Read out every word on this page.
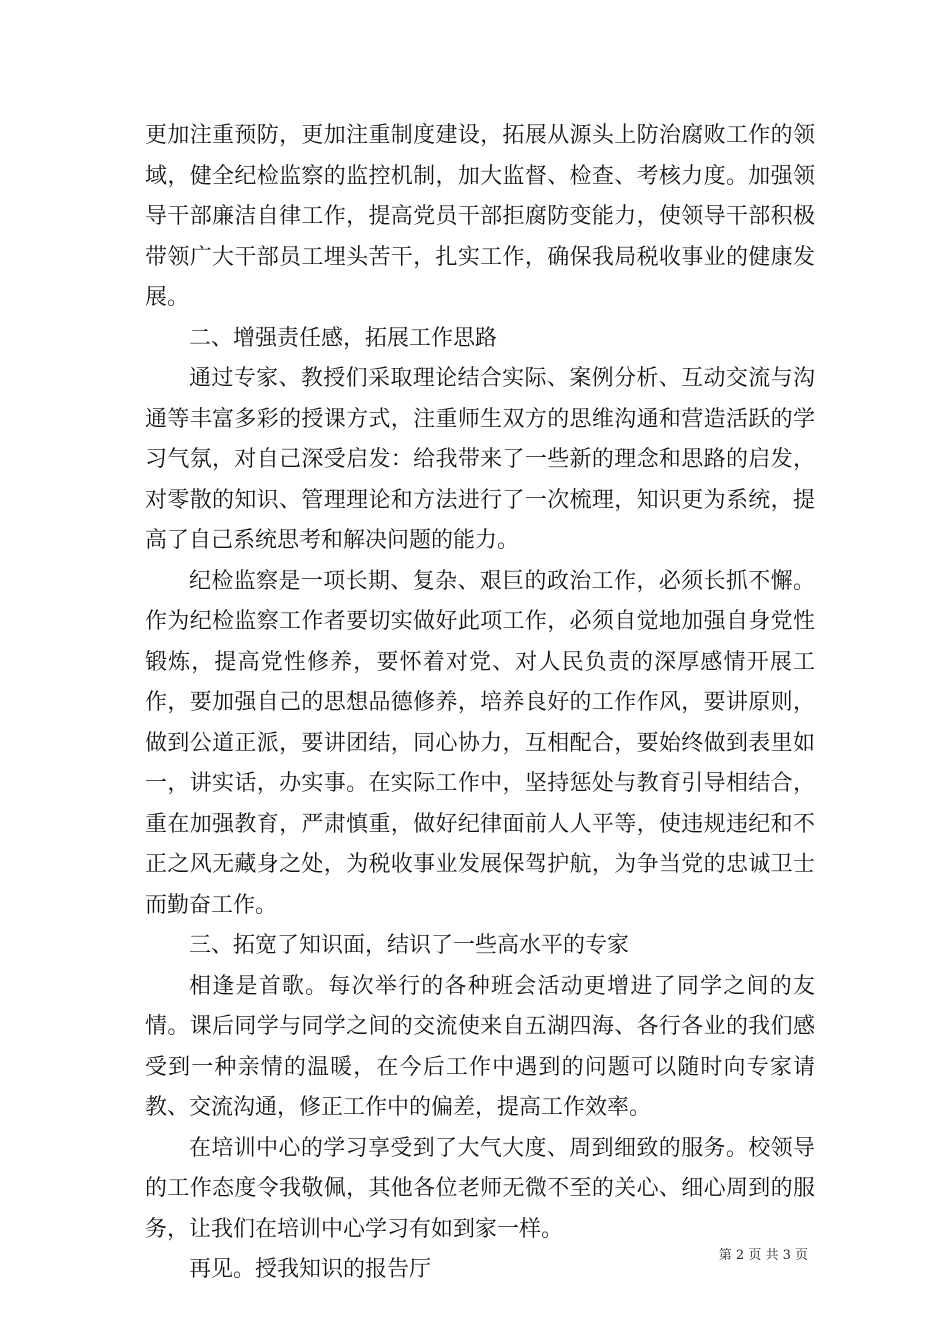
更加注重预防，更加注重制度建设，拓展从源头上防治腐败工作的领域，健全纪检监察的监控机制，加大监督、检查、考核力度。加强领导干部廉洁自律工作，提高党员干部拒腐防变能力，使领导干部积极带领广大干部员工埋头苦干，扎实工作，确保我局税收事业的健康发展。

二、增强责任感，拓展工作思路

通过专家、教授们采取理论结合实际、案例分析、互动交流与沟通等丰富多彩的授课方式，注重师生双方的思维沟通和营造活跃的学习气氛，对自己深受启发：给我带来了一些新的理念和思路的启发，对零散的知识、管理理论和方法进行了一次梳理，知识更为系统，提高了自己系统思考和解决问题的能力。

纪检监察是一项长期、复杂、艰巨的政治工作，必须长抓不懈。作为纪检监察工作者要切实做好此项工作，必须自觉地加强自身党性锻炼，提高党性修养，要怀着对党、对人民负责的深厚感情开展工作，要加强自己的思想品德修养，培养良好的工作作风，要讲原则，做到公道正派，要讲团结，同心协力，互相配合，要始终做到表里如一，讲实话，办实事。在实际工作中，坚持惩处与教育引导相结合，重在加强教育，严肃慎重，做好纪律面前人人平等，使违规违纪和不正之风无藏身之处，为税收事业发展保驾护航，为争当党的忠诚卫士而勤奋工作。

三、拓宽了知识面，结识了一些高水平的专家

相逢是首歌。每次举行的各种班会活动更增进了同学之间的友情。课后同学与同学之间的交流使来自五湖四海、各行各业的我们感受到一种亲情的温暖，在今后工作中遇到的问题可以随时向专家请教、交流沟通，修正工作中的偏差，提高工作效率。

在培训中心的学习享受到了大气大度、周到细致的服务。校领导的工作态度令我敬佩，其他各位老师无微不至的关心、细心周到的服务，让我们在培训中心学习有如到家一样。

再见。授我知识的报告厅

第 2 页 共 3 页
